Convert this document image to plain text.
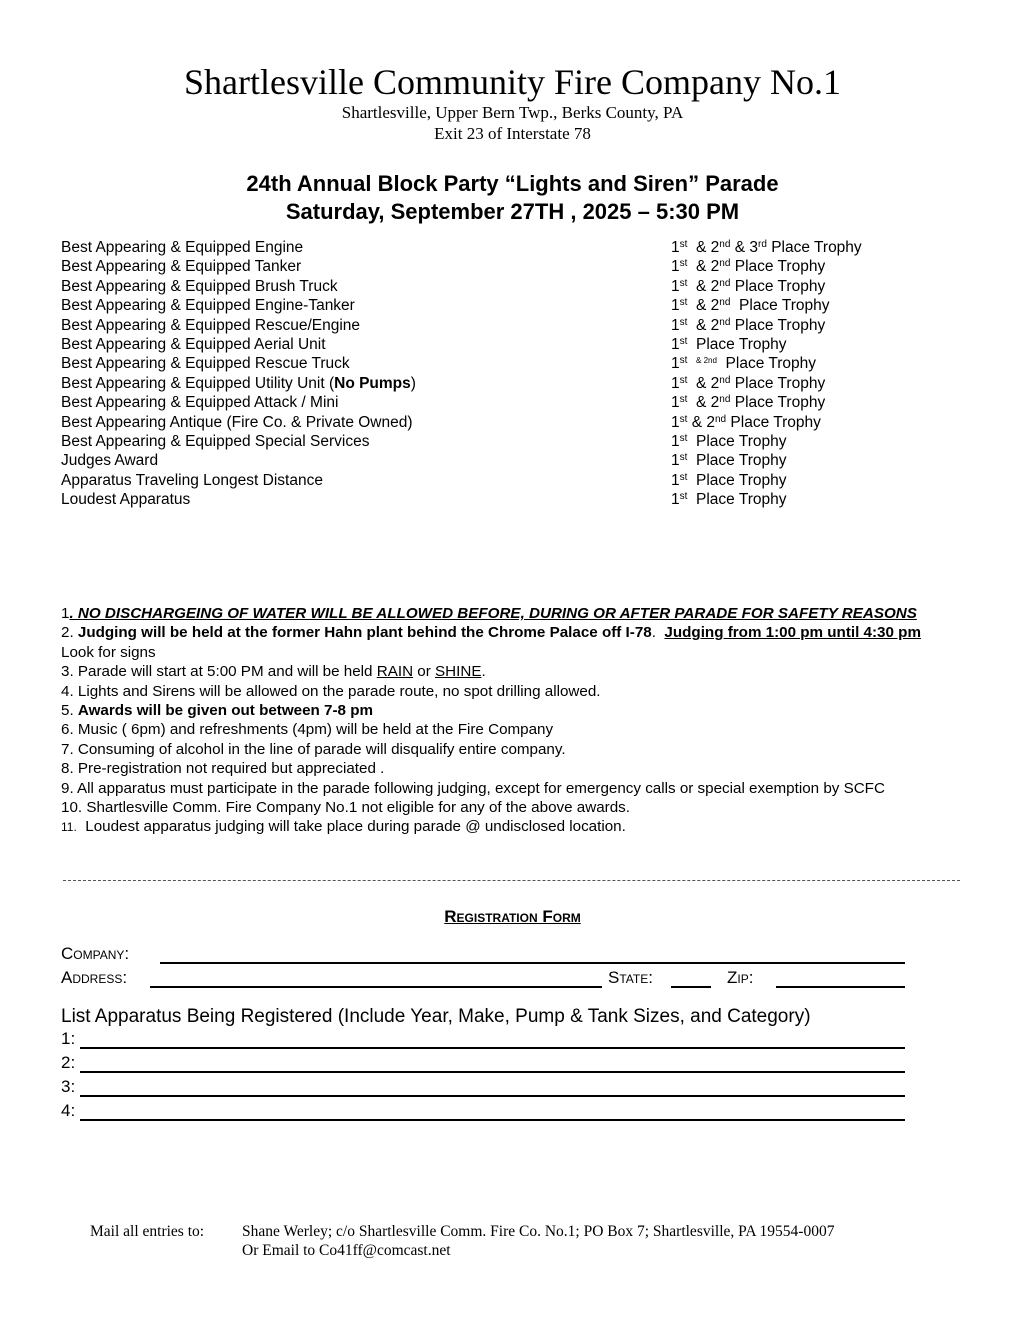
Shartlesville Community Fire Company No.1
Shartlesville, Upper Bern Twp., Berks County, PA
Exit 23 of Interstate 78
24th Annual Block Party “Lights and Siren” Parade
Saturday, September 27TH , 2025 – 5:30 PM
Best Appearing & Equipped Engine	1st  & 2nd & 3rd Place Trophy
Best Appearing & Equipped Tanker	1st  & 2nd Place Trophy
Best Appearing & Equipped Brush Truck	1st  & 2nd Place Trophy
Best Appearing & Equipped Engine-Tanker	1st  & 2nd  Place Trophy
Best Appearing & Equipped Rescue/Engine	1st  & 2nd Place Trophy
Best Appearing & Equipped Aerial Unit	1st  Place Trophy
Best Appearing & Equipped Rescue Truck	1st $^{\& 2nd}$  Place Trophy
Best Appearing & Equipped Utility Unit (No Pumps)	1st  & 2nd Place Trophy
Best Appearing & Equipped Attack / Mini	1st  & 2nd Place Trophy
Best Appearing Antique (Fire Co. & Private Owned)	1st & 2nd Place Trophy
Best Appearing & Equipped Special Services	1st  Place Trophy
Judges Award	1st  Place Trophy
Apparatus Traveling Longest Distance	1st  Place Trophy
Loudest Apparatus	1st  Place Trophy

1. NO DISCHARGEING OF WATER WILL BE ALLOWED BEFORE, DURING OR AFTER PARADE FOR SAFETY REASONS

2. Judging will be held at the former Hahn plant behind the Chrome Palace off I-78. Judging from 1:00 pm until 4:30 pm  Look for signs

3. Parade will start at 5:00 PM and will be held RAIN or SHINE.

4. Lights and Sirens will be allowed on the parade route, no spot drilling allowed.

5. Awards will be given out between 7-8 pm

6. Music ( 6pm) and refreshments (4pm) will be held at the Fire Company

7. Consuming of alcohol in the line of parade will disqualify entire company.

8. Pre-registration not required but appreciated .

9. All apparatus must participate in the parade following judging, except for emergency calls or special exemption by SCFC

10. Shartlesville Comm. Fire Company No.1 not eligible for any of the above awards.

11. Loudest apparatus judging will take place during parade @ undisclosed location.

Registration Form
Company:
Address:	State:	Zip:
List Apparatus Being Registered (Include Year, Make, Pump & Tank Sizes, and Category)
1:
2:
3:
4:
Mail all entries to: Shane Werley; c/o Shartlesville Comm. Fire Co. No.1; PO Box 7; Shartlesville, PA 19554-0007
Or Email to Co41ff@comcast.net
